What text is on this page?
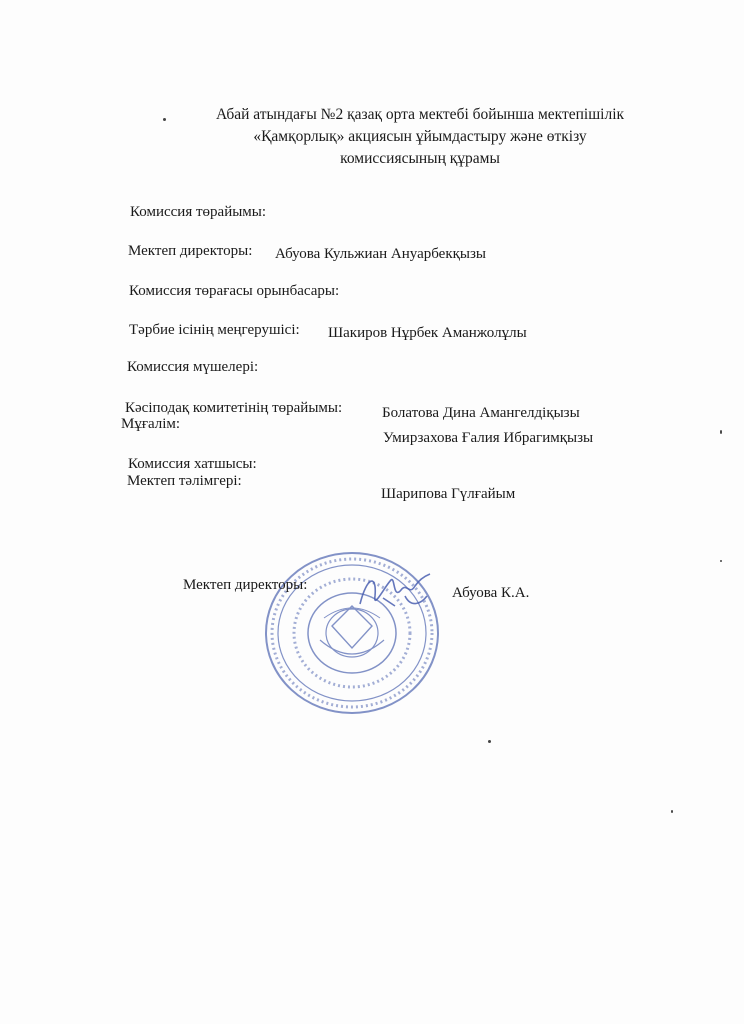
Абай атындағы №2 қазақ орта мектебі бойынша мектепішілік
«Қамқорлық» акциясын ұйымдастыру және өткізу
комиссиясының құрамы
Комиссия төрайымы:
Мектеп директоры: Абуова Кульжиан Ануарбекқызы
Комиссия төрағасы орынбасары:
Тәрбие ісінің меңгерушісі: Шакиров Нұрбек Аманжолұлы
Комиссия мүшелері:
Кәсіподақ комитетінің төрайымы:	Болатова Дина Амангелдіқызы
Мұғалім:
Умирзахова Ғалия Ибрагимқызы
Комиссия хатшысы:
Мектеп тәлімгері:
Шарипова Гүлғайым
Мектеп директоры:	Абуова К.А.
